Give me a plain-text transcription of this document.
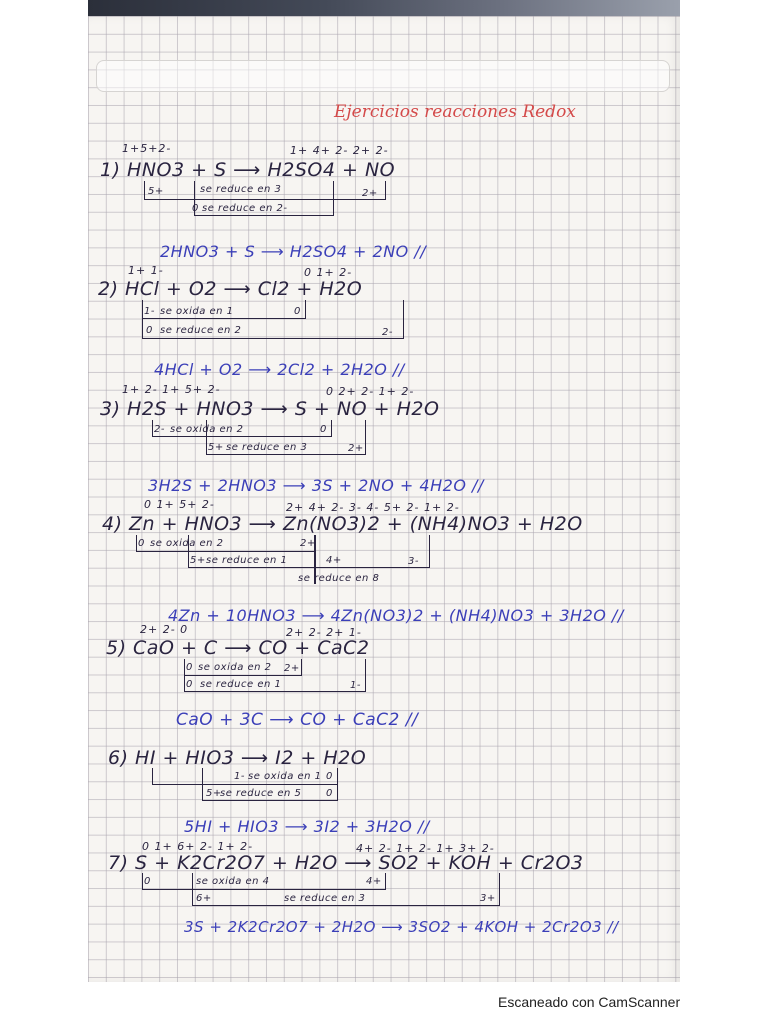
Ejercicios reacciones Redox
1+5+2-	1+ 4+ 2- 2+ 2-
1) HNO3 + S ⟶ H2SO4 + NO
5+	2+
se reduce en 3
0 se reduce en 2-
2HNO3 + S ⟶ H2SO4 + 2NO //
1+ 1-	0 1+ 2-
2) HCl + O2 ⟶ Cl2 + H2O
1- se oxida en 1	0
0 se reduce en 2	2-
4HCl + O2 ⟶ 2Cl2 + 2H2O //
1+ 2- 1+ 5+ 2-	0 2+ 2- 1+ 2-
3) H2S + HNO3 ⟶ S + NO + H2O
2- se oxida en 2	0
5+ se reduce en 3	2+
3H2S + 2HNO3 ⟶ 3S + 2NO + 4H2O //
0 1+ 5+ 2-	2+ 4+ 2- 3- 4- 5+ 2- 1+ 2-
4) Zn + HNO3 ⟶ Zn(NO3)2 + (NH4)NO3 + H2O
0 se oxida en 2	2+
5+ se reduce en 1	4+	3-
se reduce en 8
4Zn + 10HNO3 ⟶ 4Zn(NO3)2 + (NH4)NO3 + 3H2O //
2+ 2- 0	2+ 2- 2+ 1-
5) CaO + C ⟶ CO + CaC2
0 se oxida en 2 2+
0 se reduce en 1	1-
CaO + 3C ⟶ CO + CaC2 //
6) HI + HIO3 ⟶ I2 + H2O
1- se oxida en 1 0
5+
se reduce en 5 0
5HI + HIO3 ⟶ 3I2 + 3H2O //
0 1+ 6+ 2- 1+ 2-	4+ 2- 1+ 2- 1+ 3+ 2-
7) S + K2Cr2O7 + H2O ⟶ SO2 + KOH + Cr2O3
0	se oxida en 4	4+
6+	se reduce en 3	3+
3S + 2K2Cr2O7 + 2H2O ⟶ 3SO2 + 4KOH + 2Cr2O3 //
Escaneado con CamScanner
